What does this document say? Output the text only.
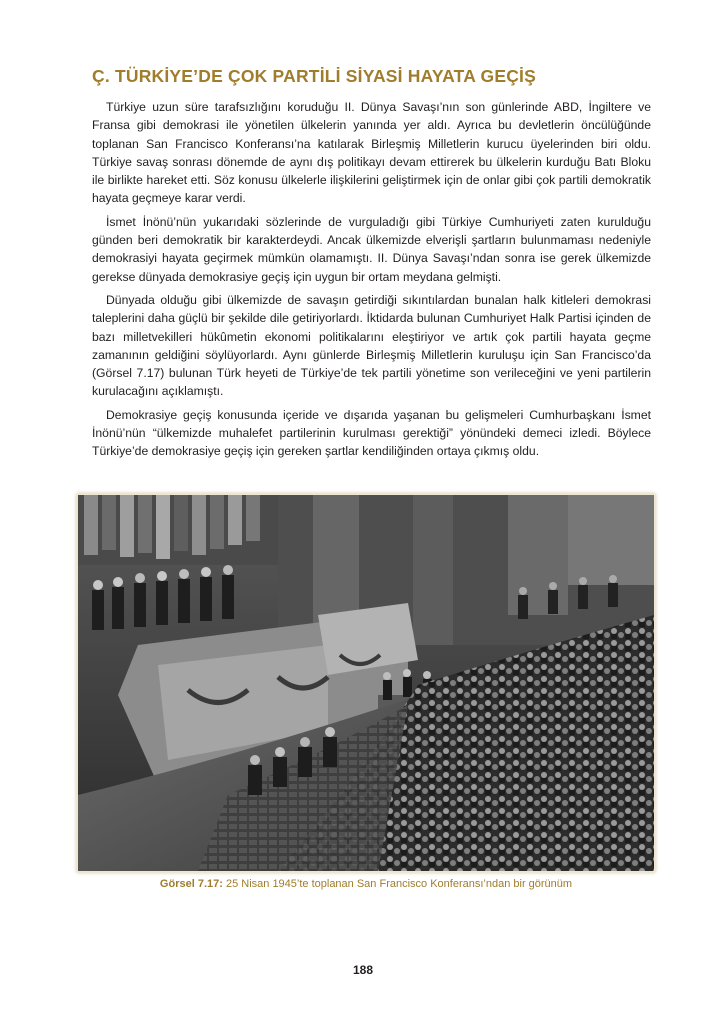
Ç. TÜRKİYE’DE ÇOK PARTİLİ SİYASİ HAYATA GEÇİŞ

Türkiye uzun süre tarafsızlığını koruduğu II. Dünya Savaşı’nın son günlerinde ABD, İngiltere ve Fransa gibi demokrasi ile yönetilen ülkelerin yanında yer aldı. Ayrıca bu devletlerin öncülüğünde toplanan San Francisco Konferansı’na katılarak Birleşmiş Milletlerin kurucu üyelerinden biri oldu. Türkiye savaş sonrası dönemde de aynı dış politikayı devam ettirerek bu ülkelerin kurduğu Batı Bloku ile birlikte hareket etti. Söz konusu ülkelerle ilişkilerini geliştirmek için de onlar gibi çok partili demokratik hayata geçmeye karar verdi.

İsmet İnönü’nün yukarıdaki sözlerinde de vurguladığı gibi Türkiye Cumhuriyeti zaten kurulduğu günden beri demokratik bir karakterdeydi. Ancak ülkemizde elverişli şartların bulunmaması nedeniyle demokrasiyi hayata geçirmek mümkün olamamıştı. II. Dünya Savaşı’ndan sonra ise gerek ülkemizde gerekse dünyada demokrasiye geçiş için uygun bir ortam meydana gelmişti.

Dünyada olduğu gibi ülkemizde de savaşın getirdiği sıkıntılardan bunalan halk kitleleri demokrasi taleplerini daha güçlü bir şekilde dile getiriyorlardı. İktidarda bulunan Cumhuriyet Halk Partisi içinden de bazı milletvekilleri hükûmetin ekonomi politikalarını eleştiriyor ve artık çok partili hayata geçme zamanının geldiğini söylüyorlardı. Aynı günlerde Birleşmiş Milletlerin kuruluşu için San Francisco’da (Görsel 7.17) bulunan Türk heyeti de Türkiye’de tek partili yönetime son verileceğini ve yeni partilerin kurulacağını açıklamıştı.

Demokrasiye geçiş konusunda içeride ve dışarıda yaşanan bu gelişmeleri Cumhurbaşkanı İsmet İnönü’nün “ülkemizde muhalefet partilerinin kurulması gerektiği” yönündeki demeci izledi. Böylece Türkiye’de demokrasiye geçiş için gereken şartlar kendiliğinden ortaya çıkmış oldu.

Görsel 7.17: 25 Nisan 1945’te toplanan San Francisco Konferansı’ndan bir görünüm
188
